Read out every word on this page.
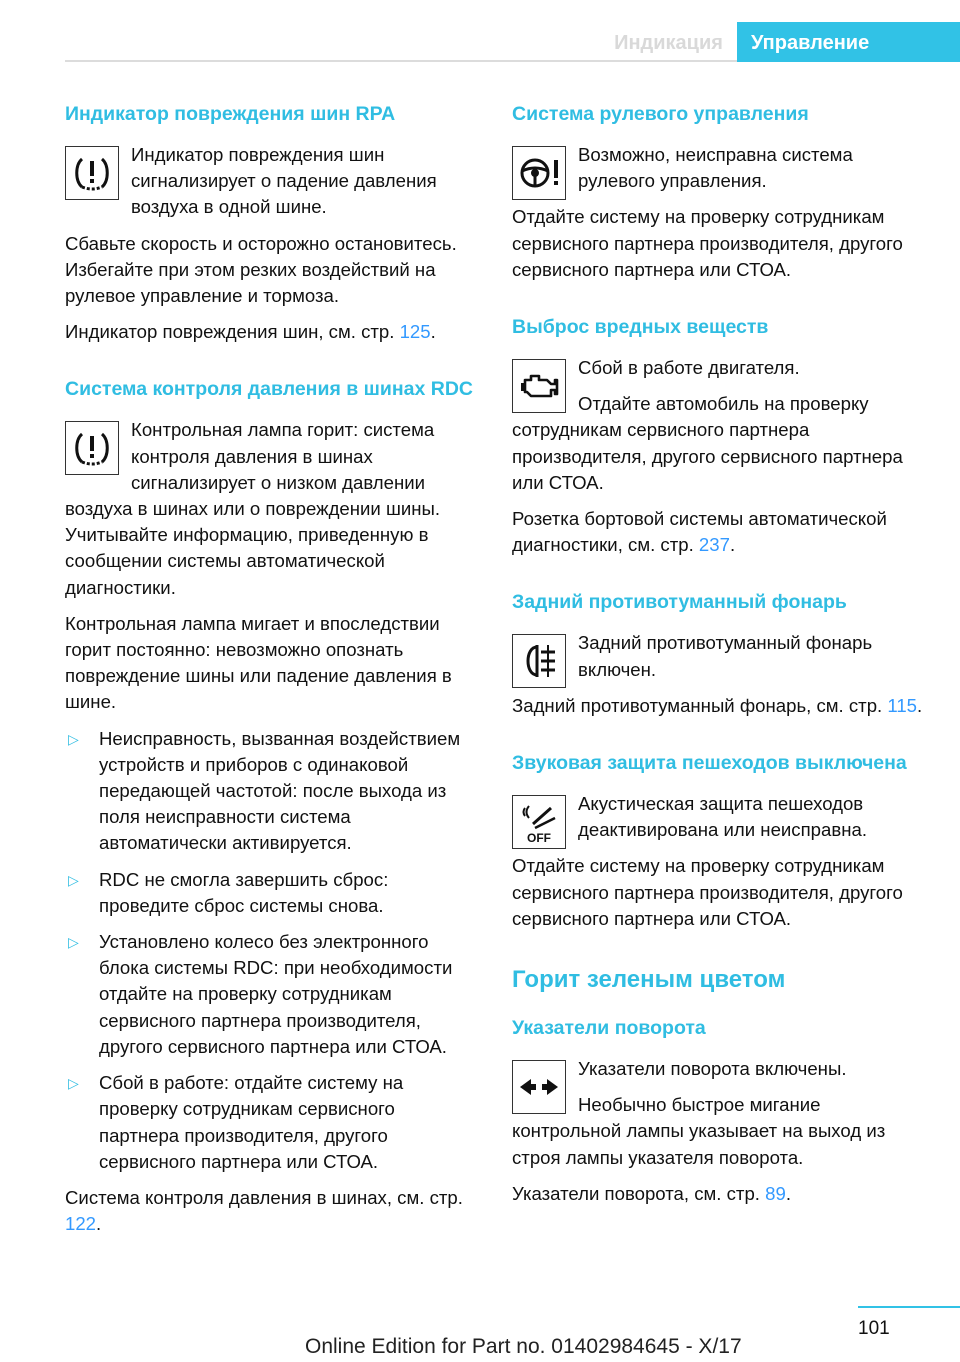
Индикация	Управление
Индикатор повреждения шин RPA

Индикатор повреждения шин сигнализирует о падение давления воздуха в одной шине.

Сбавьте скорость и осторожно остановитесь. Избегайте при этом резких воздействий на рулевое управление и тормоза.

Индикатор повреждения шин, см. стр. 125.

Система контроля давления в шинах RDC

Контрольная лампа горит: система контроля давления в шинах сигнализирует о низком давлении воздуха в шинах или о повреждении шины. Учитывайте информацию, приведенную в сообщении системы автоматической диагностики.

Контрольная лампа мигает и впоследствии горит постоянно: невозможно опознать повреждение шины или падение давления в шине.

▷ Неисправность, вызванная воздействием устройств и приборов с одинаковой передающей частотой: после выхода из поля неисправности система автоматически активируется.
▷ RDC не смогла завершить сброс: проведите сброс системы снова.
▷ Установлено колесо без электронного блока системы RDC: при необходимости отдайте на проверку сотрудникам сервисного партнера производителя, другого сервисного партнера или СТОА.
▷ Сбой в работе: отдайте систему на проверку сотрудникам сервисного партнера производителя, другого сервисного партнера или СТОА.

Система контроля давления в шинах, см. стр. 122.

Система рулевого управления

Возможно, неисправна система рулевого управления.

Отдайте систему на проверку сотрудникам сервисного партнера производителя, другого сервисного партнера или СТОА.

Выброс вредных веществ

Сбой в работе двигателя.

Отдайте автомобиль на проверку сотрудникам сервисного партнера производителя, другого сервисного партнера или СТОА.

Розетка бортовой системы автоматической диагностики, см. стр. 237.

Задний противотуманный фонарь

Задний противотуманный фонарь включен.

Задний противотуманный фонарь, см. стр. 115.

Звуковая защита пешеходов выключена
OFF

Акустическая защита пешеходов деактивирована или неисправна.

Отдайте систему на проверку сотрудникам сервисного партнера производителя, другого сервисного партнера или СТОА.

Горит зеленым цветом
Указатели поворота

Указатели поворота включены.

Необычно быстрое мигание контрольной лампы указывает на выход из строя лампы указателя поворота.

Указатели поворота, см. стр. 89.

101
Online Edition for Part no. 01402984645 - X/17
